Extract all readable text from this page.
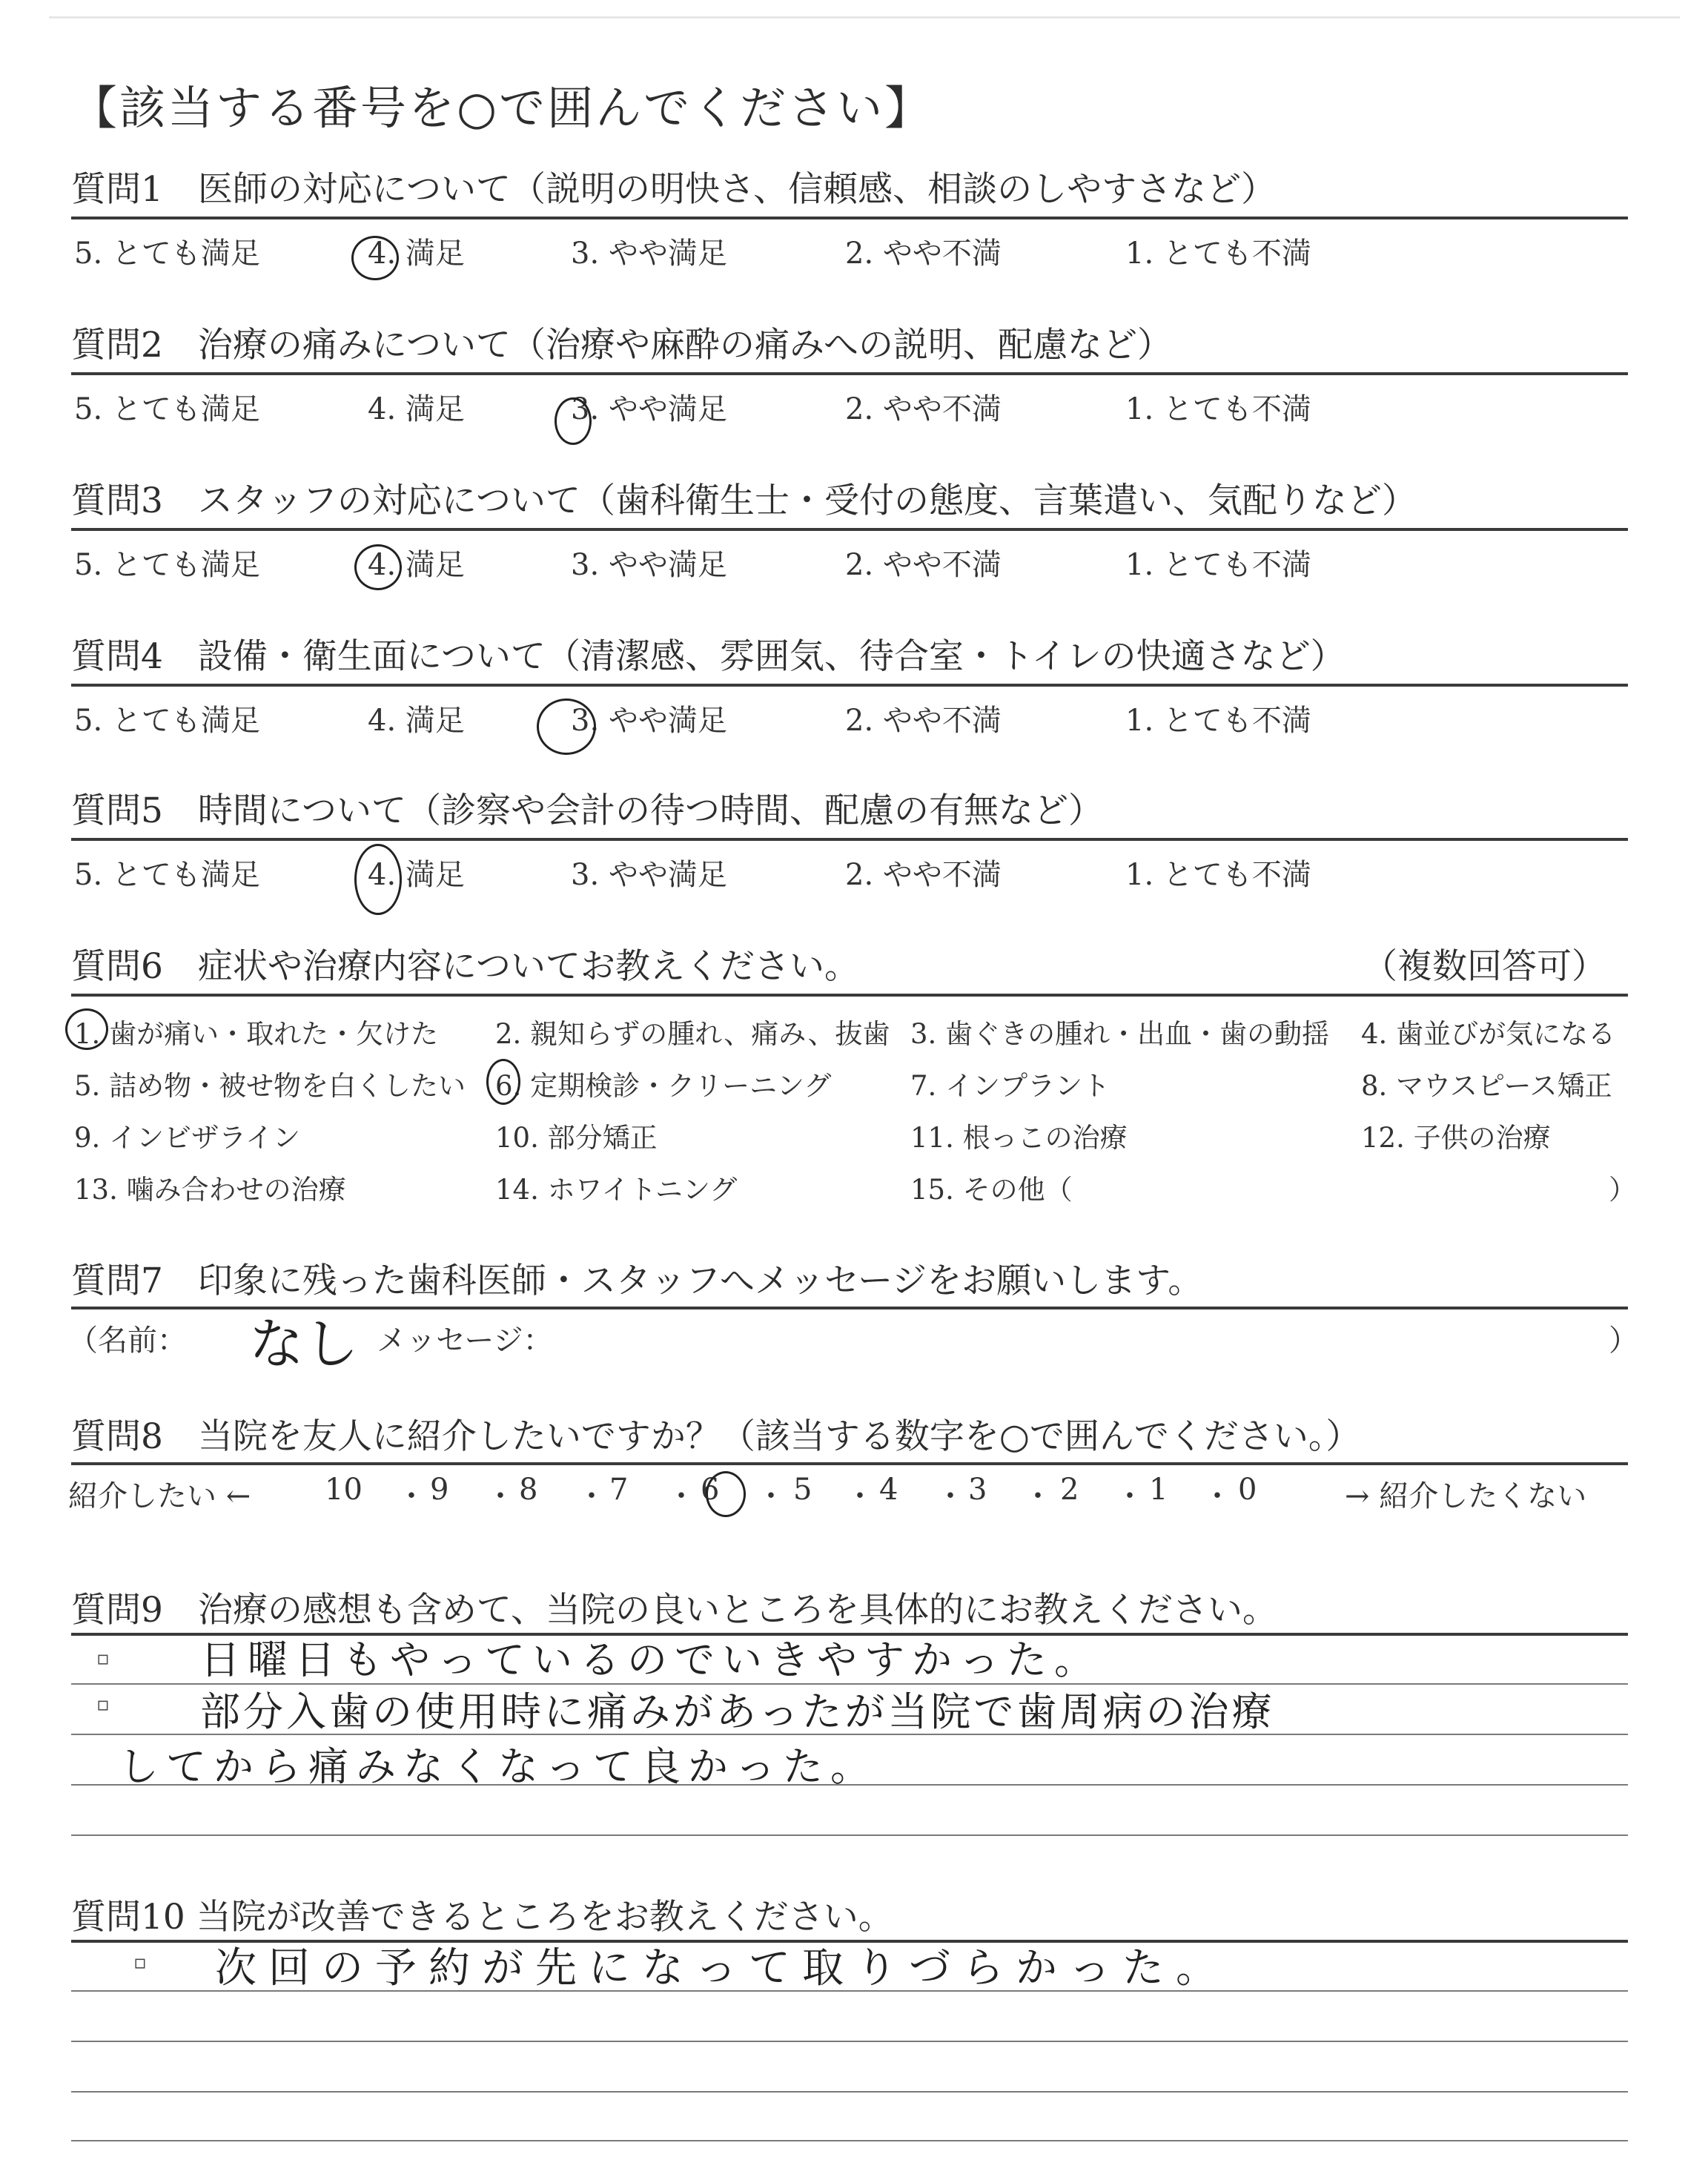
【該当する番号を○で囲んでください】
質問1　医師の対応について（説明の明快さ、信頼感、相談のしやすさなど）
5. とても満足	4. 満足	3. やや満足	2. やや不満	1. とても不満
質問2　治療の痛みについて（治療や麻酔の痛みへの説明、配慮など）
5. とても満足	4. 満足	3. やや満足	2. やや不満	1. とても不満
質問3　スタッフの対応について（歯科衛生士・受付の態度、言葉遣い、気配りなど）
5. とても満足	4. 満足	3. やや満足	2. やや不満	1. とても不満
質問4　設備・衛生面について（清潔感、雰囲気、待合室・トイレの快適さなど）
5. とても満足	4. 満足	3. やや満足	2. やや不満	1. とても不満
質問5　時間について（診察や会計の待つ時間、配慮の有無など）
5. とても満足	4. 満足	3. やや満足	2. やや不満	1. とても不満
質問6　症状や治療内容についてお教えください。	（複数回答可）
1. 歯が痛い・取れた・欠けた 2. 親知らずの腫れ、痛み、抜歯 3. 歯ぐきの腫れ・出血・歯の動揺 4. 歯並びが気になる
5. 詰め物・被せ物を白くしたい 6. 定期検診・クリーニング	7. インプラント	8. マウスピース矯正
9. インビザライン	10. 部分矯正	11. 根っこの治療	12. 子供の治療
13. 噛み合わせの治療	14. ホワイトニング	15. その他（	）
質問7　印象に残った歯科医師・スタッフへメッセージをお願いします。
（名前： なし メッセージ：	）
質問8　当院を友人に紹介したいですか？（該当する数字を○で囲んでください。）
紹介したい ← 10 ・ 9 ・ 8 ・ 7 ・ 6 ・ 5 ・ 4 ・ 3 ・ 2 ・ 1 ・ 0	→ 紹介したくない
質問9　治療の感想も含めて、当院の良いところを具体的にお教えください。
▫
▫
日曜日もやっているのでいきやすかった。
部分入歯の使用時に痛みがあったが当院で歯周病の治療
してから痛みなくなって良かった。
質問10 当院が改善できるところをお教えください。
▫ 次回の予約が先になって取りづらかった。
